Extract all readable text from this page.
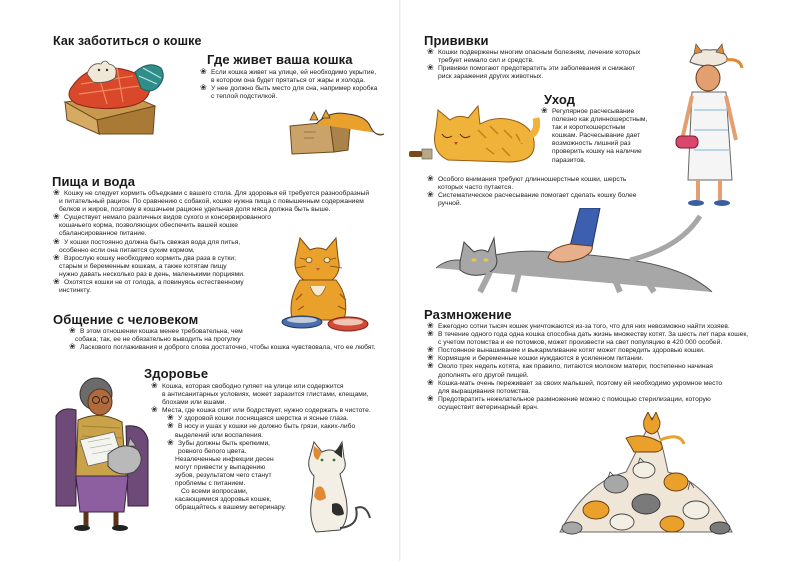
Как заботиться о кошке
Где живет ваша кошка
❀ Если кошка живет на улице, ей необходимо укрытие,
в котором она будет прятаться от жары и холода.
❀ У нее должно быть место для сна, например коробка
с теплой подстилкой.
Пища и вода
❀ Кошку не следует кормить объедками с вашего стола. Для здоровья ей требуется разнообразный
и питательный рацион. По сравнению с собакой, кошке нужна пища с повышенным содержанием
белков и жиров, поэтому в кошачьем рационе удельная доля мяса должна быть выше.
❀ Существует немало различных видов сухого и консервированного
кошачьего корма, позволяющих обеспечить вашей кошке
сбалансированное питание.
❀ У кошки постоянно должна быть свежая вода для питья,
особенно если она питается сухим кормом.
❀ Взрослую кошку необходимо кормить два раза в сутки;
старым и беременным кошкам, а также котятам пищу
нужно давать несколько раз в день, маленькими порциями.
❀ Охотятся кошки не от голода, а повинуясь естественному
инстинкту.
Общение с человеком
❀ В этом отношении кошка менее требовательна, чем
собака; так, ее не обязательно выводить на прогулку
❀ Ласкового поглаживания и доброго слова достаточно, чтобы кошка чувствовала, что ее любят.
Здоровье
❀ Кошка, которая свободно гуляет на улице или содержится
в антисанитарных условиях, может заразится глистами, клещами,
блохами или вшами.
❀ Места, где кошка спит или бодрствует, нужно содержать в чистоте.
❀ У здоровой кошки лоснящаяся шерстка и ясные глаза.
❀ В носу и ушах у кошки не должно быть грязи, каких-либо
выделений или воспаления.
❀ Зубы должны быть крепкими,
ровного белого цвета.
Незалеченные инфекции десен
могут привести у выпадению
зубов, результатом чего станут
проблемы с питанием.
Со всеми вопросами,
касающимися здоровья кошек,
обращайтесь к вашему ветеринару.
Прививки
❀ Кошки подвержены многим опасным болезням, лечение которых
требует немало сил и средств.
❀ Прививки помогают предотвратить эти заболевания и снижают
риск заражения других животных.
Уход
❀ Регулярное расчесывание
полезно как длинношерстным,
так и короткошерстным
кошкам. Расчесывание дает
возможность лишний раз
проверить кошку на наличие
паразитов.
❀ Особого внимания требуют длинношерстные кошки, шерсть
которых часто путается.
❀ Систематическое расчесывание помогает сделать кошку более
ручной.
Размножение
❀ Ежегодно сотни тысяч кошек уничтожаются из-за того, что для них невозможно найти хозяев.
❀ В течение одного года одна кошка способна дать жизнь множеству котят. За шесть лет пара кошек,
с учетом потомства и ее потомков, может произвести на свет популяцию в 420 000 особей.
❀ Постоянное вынашивание и выкармливание котят может повредить здоровью кошки.
❀ Кормящие и беременные кошки нуждаются в усиленном питании.
❀ Около трех недель котята, как правило, питаются молоком матери, постепенно начиная
дополнять его другой пищей.
❀ Кошка-мать очень переживает за своих малышей, поэтому ей необходимо укромное место
для выращивания потомства.
❀ Предотвратить нежелательное размножение можно с помощью стерилизации, которую
осуществит ветеринарный врач.
